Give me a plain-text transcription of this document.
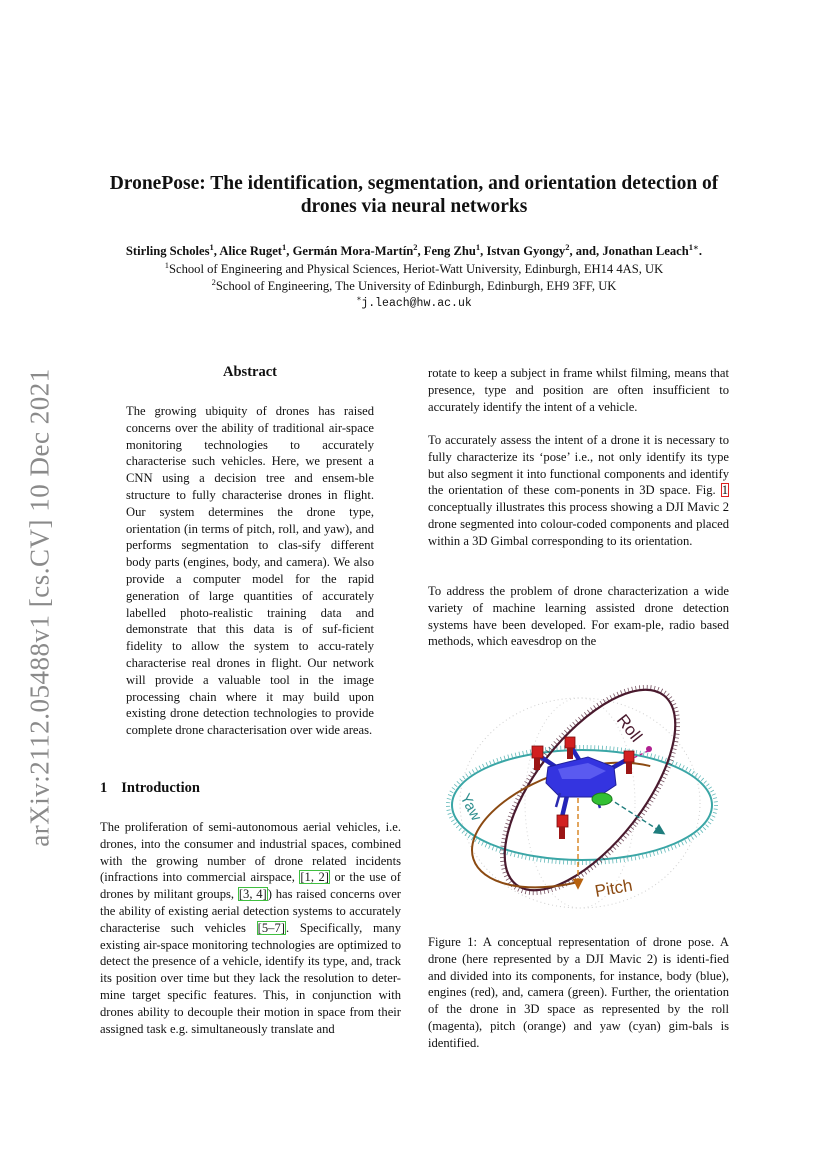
arXiv:2112.05488v1 [cs.CV] 10 Dec 2021
DronePose: The identification, segmentation, and orientation detection of drones via neural networks
Stirling Scholes$^1$, Alice Ruget$^1$, Germán Mora-Martín$^2$, Feng Zhu$^1$, Istvan Gyongy$^2$, and, Jonathan Leach$^{1∗}$.
$^1$School of Engineering and Physical Sciences, Heriot-Watt University, Edinburgh, EH14 4AS, UK
$^2$School of Engineering, The University of Edinburgh, Edinburgh, EH9 3FF, UK
∗j.leach@hw.ac.uk
Abstract

The growing ubiquity of drones has raised concerns over the ability of traditional air-space monitoring technologies to accurately characterise such vehicles. Here, we present a CNN using a decision tree and ensem-ble structure to fully characterise drones in flight. Our system determines the drone type, orientation (in terms of pitch, roll, and yaw), and performs segmentation to clas-sify different body parts (engines, body, and camera). We also provide a computer model for the rapid generation of large quantities of accurately labelled photo-realistic training data and demonstrate that this data is of suf-ficient fidelity to allow the system to accu-rately characterise real drones in flight. Our network will provide a valuable tool in the image processing chain where it may build upon existing drone detection technologies to provide complete drone characterisation over wide areas.

1 Introduction

The proliferation of semi-autonomous aerial vehicles, i.e. drones, into the consumer and industrial spaces, combined with the growing number of drone related incidents (infractions into commercial airspace, [1, 2] or the use of drones by militant groups, [3, 4]) has raised concerns over the ability of existing aerial detection systems to accurately characterise such vehicles [5–7]. Specifically, many existing air-space monitoring technologies are optimized to detect the presence of a vehicle, identify its type, and, track its position over time but they lack the resolution to deter-mine target specific features. This, in conjunction with drones ability to decouple their motion in space from their assigned task e.g. simultaneously translate and

rotate to keep a subject in frame whilst filming, means that presence, type and position are often insufficient to accurately identify the intent of a vehicle.

To accurately assess the intent of a drone it is necessary to fully characterize its ‘pose’ i.e., not only identify its type but also segment it into functional components and identify the orientation of these com-ponents in 3D space. Fig. 1 conceptually illustrates this process showing a DJI Mavic 2 drone segmented into colour-coded components and placed within a 3D Gimbal corresponding to its orientation.

To address the problem of drone characterization a wide variety of machine learning assisted drone detection systems have been developed. For exam-ple, radio based methods, which eavesdrop on the

Roll
Yaw
Pitch

Figure 1: A conceptual representation of drone pose. A drone (here represented by a DJI Mavic 2) is identi-fied and divided into its components, for instance, body (blue), engines (red), and, camera (green). Further, the orientation of the drone in 3D space as represented by the roll (magenta), pitch (orange) and yaw (cyan) gim-bals is identified.
